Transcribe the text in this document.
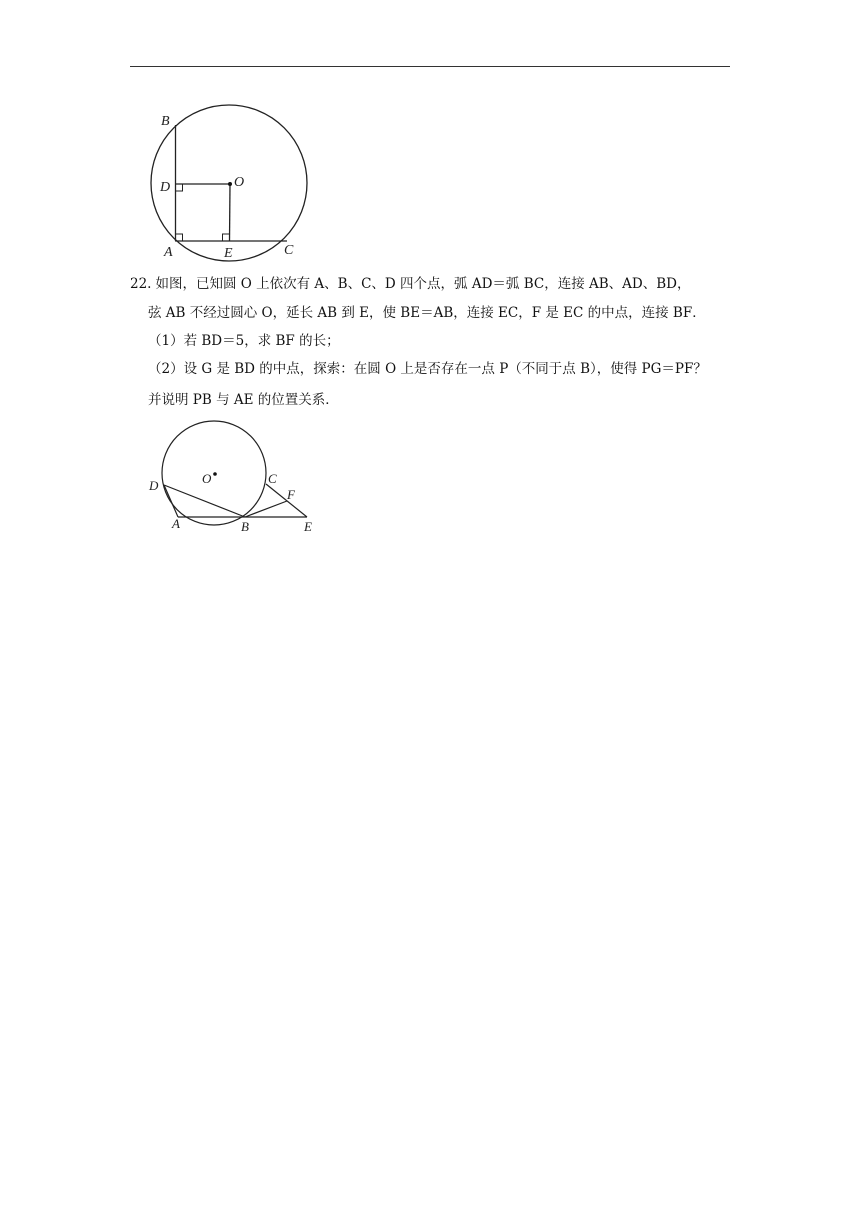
B
D	O
A	E	C
22. 如图，已知圆 O 上依次有 A、B、C、D 四个点，弧 AD＝弧 BC，连接 AB、AD、BD，
弦 AB 不经过圆心 O，延长 AB 到 E，使 BE＝AB，连接 EC，F 是 EC 的中点，连接 BF．
（1）若 BD＝5，求 BF 的长；
（2）设 G 是 BD 的中点，探索：在圆 O 上是否存在一点 P（不同于点 B），使得 PG＝PF？
并说明 PB 与 AE 的位置关系．
D	O	C
F
A	B	E
